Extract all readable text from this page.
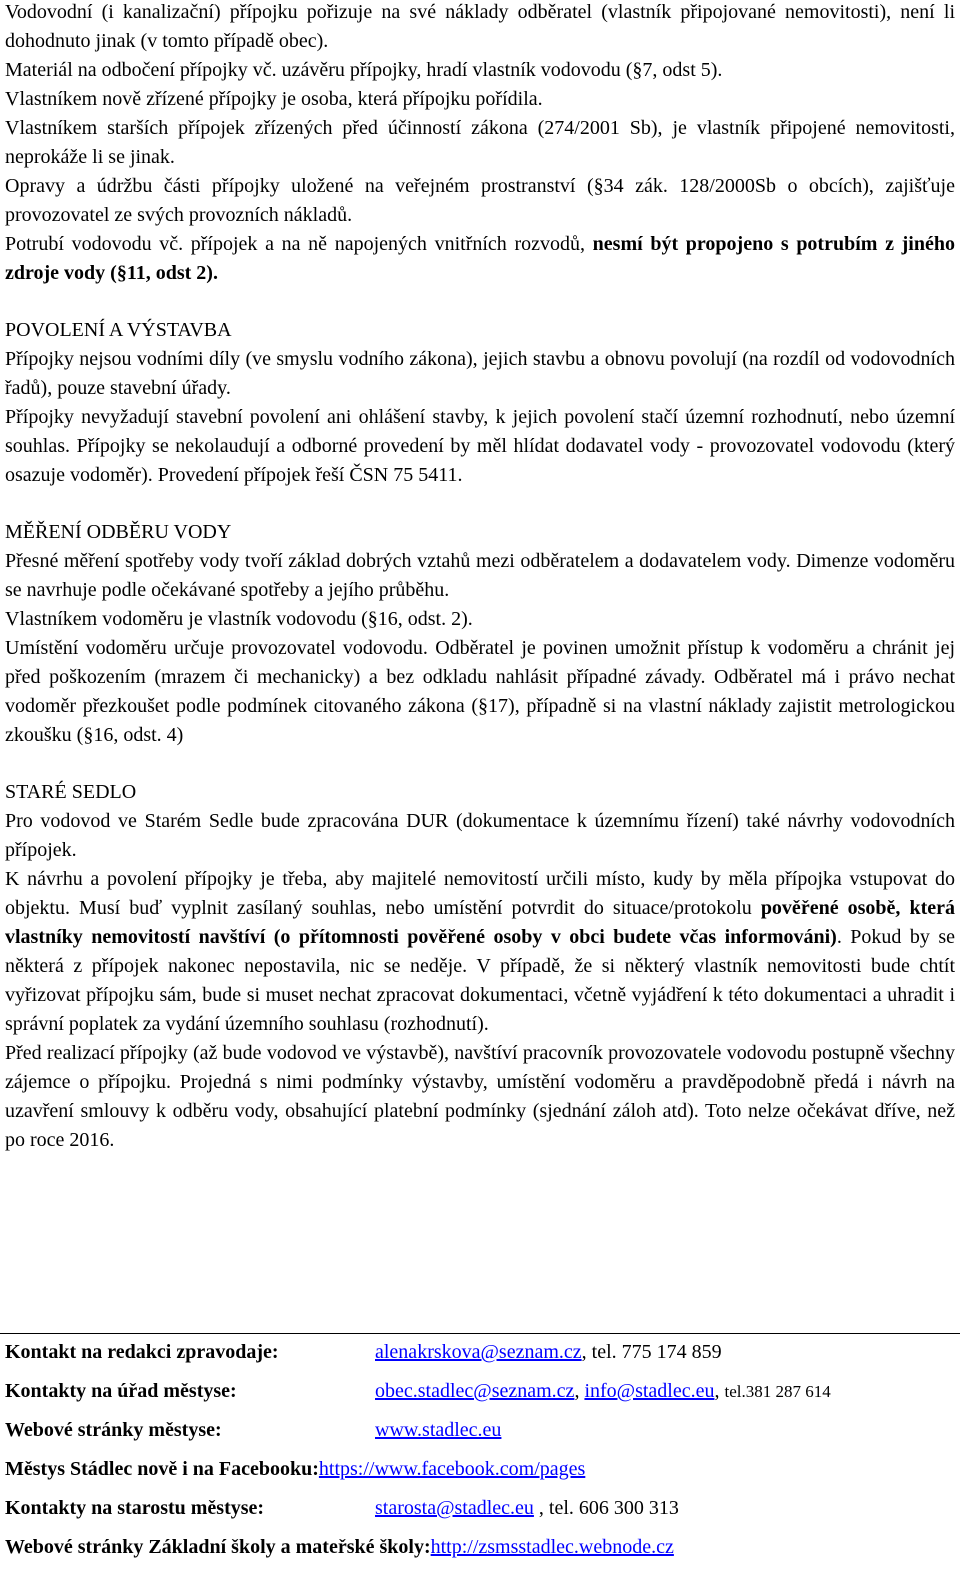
Vodovodní (i kanalizační) přípojku pořizuje na své náklady odběratel (vlastník připojované nemovitosti), není li dohodnuto jinak (v tomto případě obec).

Materiál na odbočení přípojky vč. uzávěru přípojky, hradí vlastník vodovodu (§7, odst 5).

Vlastníkem nově zřízené přípojky je osoba, která přípojku pořídila.

Vlastníkem starších přípojek zřízených před účinností zákona (274/2001 Sb), je vlastník připojené nemovitosti, neprokáže li se jinak.

Opravy a údržbu části přípojky uložené na veřejném prostranství (§34 zák. 128/2000Sb o obcích), zajišťuje provozovatel ze svých provozních nákladů.

Potrubí vodovodu vč. přípojek a na ně napojených vnitřních rozvodů, nesmí být propojeno s potrubím z jiného zdroje vody (§11, odst 2).

POVOLENÍ A VÝSTAVBA

Přípojky nejsou vodními díly (ve smyslu vodního zákona), jejich stavbu a obnovu povolují (na rozdíl od vodovodních řadů), pouze stavební úřady.

Přípojky nevyžadují stavební povolení ani ohlášení stavby, k jejich povolení stačí územní rozhodnutí, nebo územní souhlas. Přípojky se nekolaudují a odborné provedení by měl hlídat dodavatel vody - provozovatel vodovodu (který osazuje vodoměr). Provedení přípojek řeší ČSN 75 5411.

MĚŘENÍ ODBĚRU VODY

Přesné měření spotřeby vody tvoří základ dobrých vztahů mezi odběratelem a dodavatelem vody. Dimenze vodoměru se navrhuje podle očekávané spotřeby a jejího průběhu.

Vlastníkem vodoměru je vlastník vodovodu (§16, odst. 2).

Umístění vodoměru určuje provozovatel vodovodu. Odběratel je povinen umožnit přístup k vodoměru a chránit jej před poškozením (mrazem či mechanicky) a bez odkladu nahlásit případné závady. Odběratel má i právo nechat vodoměr přezkoušet podle podmínek citovaného zákona (§17), případně si na vlastní náklady zajistit metrologickou zkoušku (§16, odst. 4)

STARÉ SEDLO

Pro vodovod ve Starém Sedle bude zpracována DUR (dokumentace k územnímu řízení) také návrhy vodovodních přípojek.

K návrhu a povolení přípojky je třeba, aby majitelé nemovitostí určili místo, kudy by měla přípojka vstupovat do objektu. Musí buď vyplnit zasílaný souhlas, nebo umístění potvrdit do situace/protokolu pověřené osobě, která vlastníky nemovitostí navštíví (o přítomnosti pověřené osoby v obci budete včas informováni). Pokud by se některá z přípojek nakonec nepostavila, nic se neděje. V případě, že si některý vlastník nemovitosti bude chtít vyřizovat přípojku sám, bude si muset nechat zpracovat dokumentaci, včetně vyjádření k této dokumentaci a uhradit i správní poplatek za vydání územního souhlasu (rozhodnutí).

Před realizací přípojky (až bude vodovod ve výstavbě), navštíví pracovník provozovatele vodovodu postupně všechny zájemce o přípojku. Projedná s nimi podmínky výstavby, umístění vodoměru a pravděpodobně předá i návrh na uzavření smlouvy k odběru vody, obsahující platební podmínky (sjednání záloh atd). Toto nelze očekávat dříve, než po roce 2016.

Kontakt na redakci zpravodaje:	alenakrskova@seznam.cz, tel. 775 174 859
Kontakty na úřad městyse:	obec.stadlec@seznam.cz, info@stadlec.eu, tel.381 287 614
Webové stránky městyse:	www.stadlec.eu
Městys Stádlec nově i na Facebooku:https://www.facebook.com/pages
Kontakty na starostu městyse:	starosta@stadlec.eu , tel. 606 300 313
Webové stránky Základní školy a mateřské školy:http://zsmsstadlec.webnode.cz
